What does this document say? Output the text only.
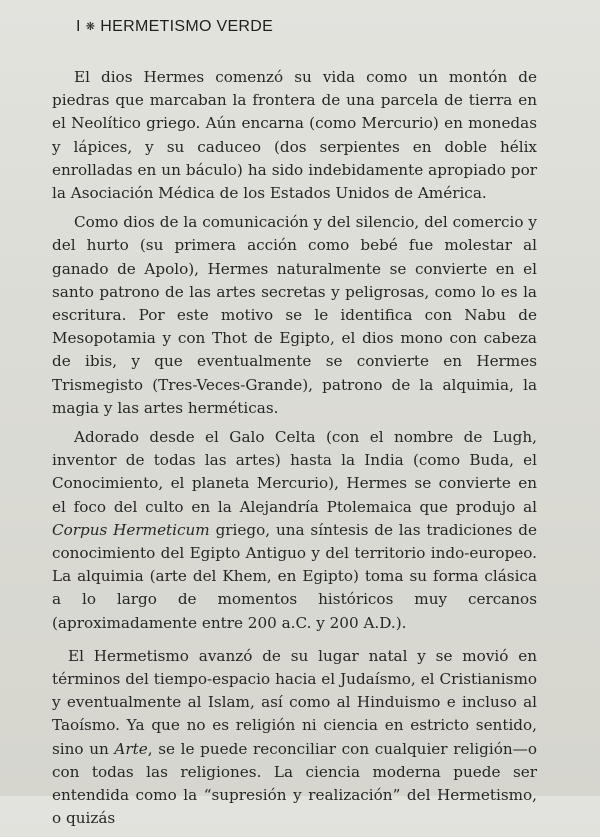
I ❋ HERMETISMO VERDE

El dios Hermes comenzó su vida como un montón de piedras que marcaban la frontera de una parcela de tierra en el Neolítico griego. Aún encarna (como Mercurio) en monedas y lápices, y su caduceo (dos serpientes en doble hélix enrolladas en un báculo) ha sido indebidamente apropiado por la Asociación Médica de los Estados Unidos de América.

Como dios de la comunicación y del silencio, del comercio y del hurto (su primera acción como bebé fue molestar al ganado de Apolo), Hermes naturalmente se convierte en el santo patrono de las artes secretas y peligrosas, como lo es la escritura. Por este motivo se le identifica con Nabu de Mesopotamia y con Thot de Egipto, el dios mono con cabeza de ibis, y que eventualmente se convierte en Hermes Trismegisto (Tres-Veces-Grande), patrono de la alquimia, la magia y las artes herméticas.

Adorado desde el Galo Celta (con el nombre de Lugh, inventor de todas las artes) hasta la India (como Buda, el Conocimiento, el planeta Mercurio), Hermes se convierte en el foco del culto en la Alejandría Ptolemaica que produjo al Corpus Hermeticum griego, una síntesis de las tradiciones de conocimiento del Egipto Antiguo y del territorio indo-europeo. La alquimia (arte del Khem, en Egipto) toma su forma clásica a lo largo de momentos históricos muy cercanos (aproximadamente entre 200 a.C. y 200 A.D.).

El Hermetismo avanzó de su lugar natal y se movió en términos del tiempo-espacio hacia el Judaísmo, el Cristianismo y eventualmente al Islam, así como al Hinduismo e incluso al Taoísmo. Ya que no es religión ni ciencia en estricto sentido, sino un Arte, se le puede reconciliar con cualquier religión—o con todas las religiones. La ciencia moderna puede ser entendida como la “supresión y realización” del Hermetismo, o quizás
